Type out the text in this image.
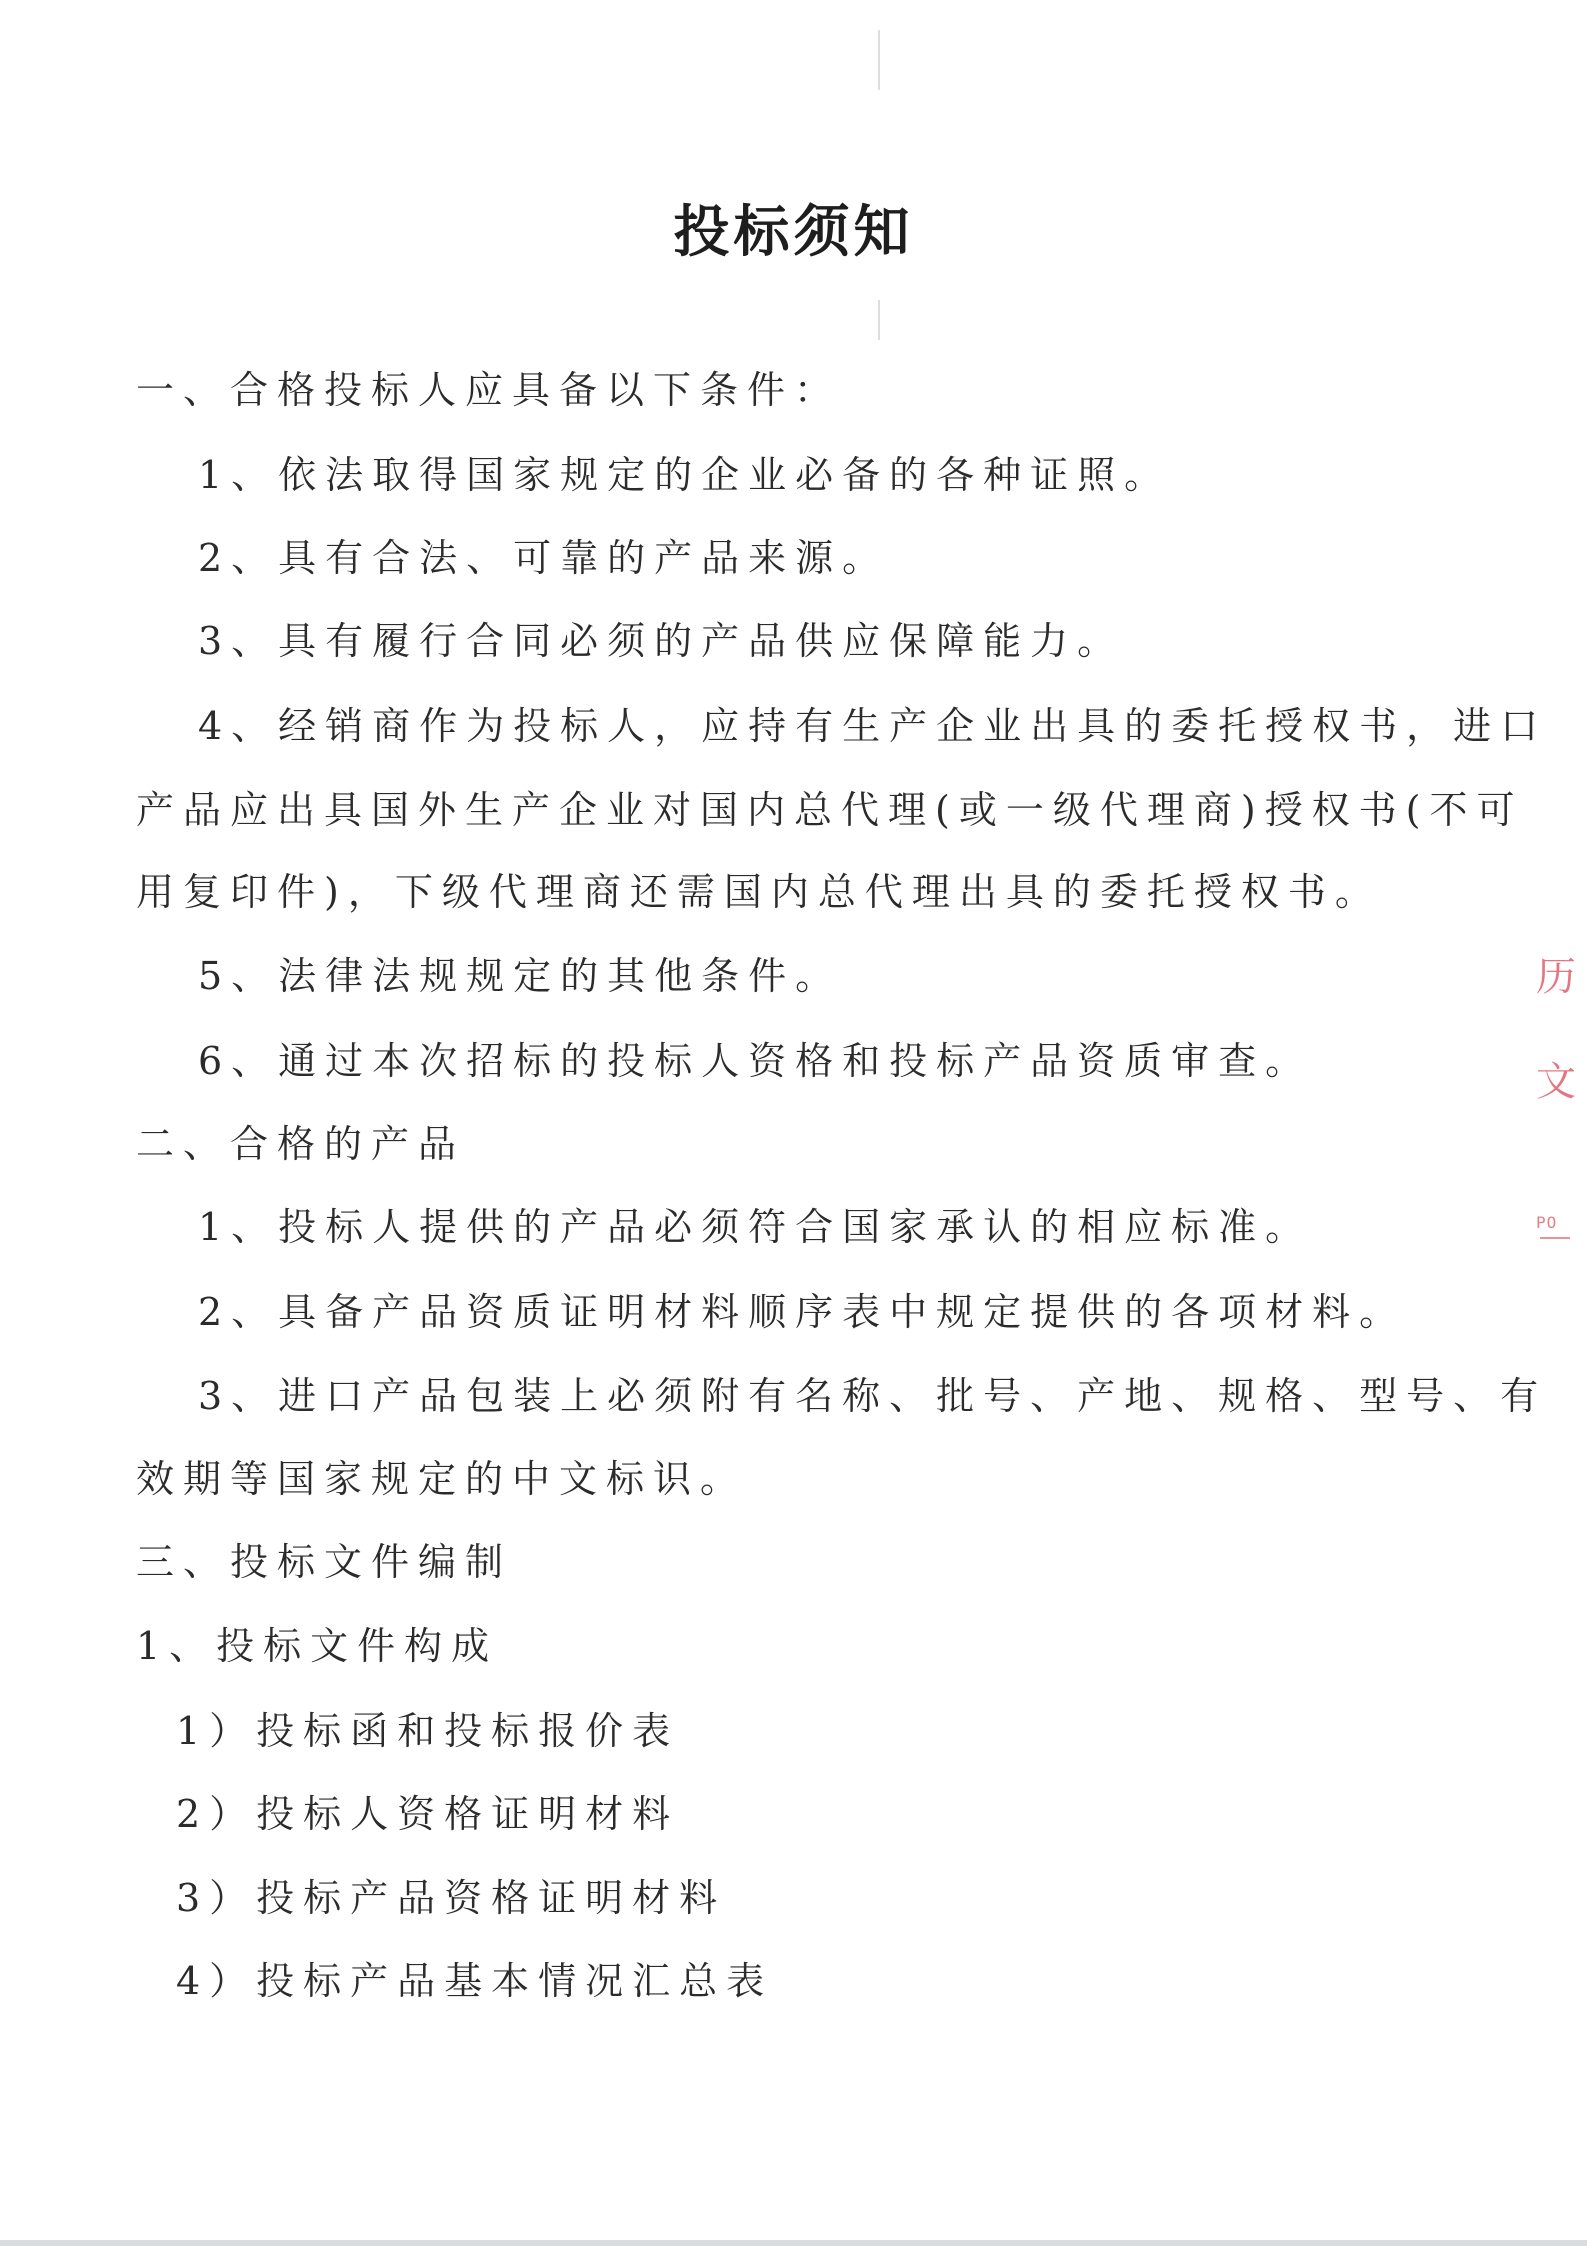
投标须知
一、合格投标人应具备以下条件：
1、依法取得国家规定的企业必备的各种证照。
2、具有合法、可靠的产品来源。
3、具有履行合同必须的产品供应保障能力。
4、经销商作为投标人，应持有生产企业出具的委托授权书，进口
产品应出具国外生产企业对国内总代理(或一级代理商)授权书(不可
用复印件)，下级代理商还需国内总代理出具的委托授权书。
5、法律法规规定的其他条件。
6、通过本次招标的投标人资格和投标产品资质审查。
二、合格的产品
1、投标人提供的产品必须符合国家承认的相应标准。
2、具备产品资质证明材料顺序表中规定提供的各项材料。
3、进口产品包装上必须附有名称、批号、产地、规格、型号、有
效期等国家规定的中文标识。
三、投标文件编制
1、投标文件构成
1）投标函和投标报价表
2）投标人资格证明材料
3）投标产品资格证明材料
4）投标产品基本情况汇总表
历
文
PO
